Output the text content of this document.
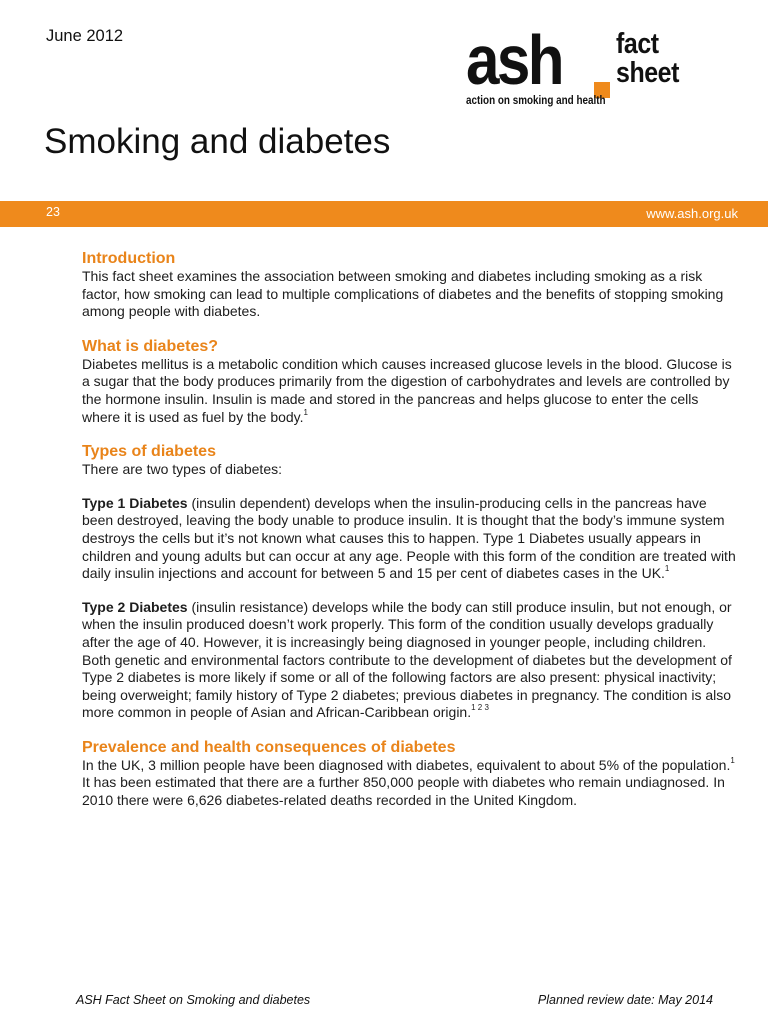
June 2012	ash fact
sheet
action on smoking and health
Smoking and diabetes
23	www.ash.org.uk
Introduction

This fact sheet examines the association between smoking and diabetes including smoking as a risk factor, how smoking can lead to multiple complications of diabetes and the benefits of stopping smoking among people with diabetes.

What is diabetes?

Diabetes mellitus is a metabolic condition which causes increased glucose levels in the blood. Glucose is a sugar that the body produces primarily from the digestion of carbohydrates and levels are controlled by the hormone insulin. Insulin is made and stored in the pancreas and helps glucose to enter the cells where it is used as fuel by the body.$^1$

Types of diabetes

There are two types of diabetes:

Type 1 Diabetes (insulin dependent) develops when the insulin-producing cells in the pancreas have been destroyed, leaving the body unable to produce insulin. It is thought that the body’s immune system destroys the cells but it’s not known what causes this to happen. Type 1 Diabetes usually appears in children and young adults but can occur at any age. People with this form of the condition are treated with daily insulin injections and account for between 5 and 15 per cent of diabetes cases in the UK.$^1$

Type 2 Diabetes (insulin resistance) develops while the body can still produce insulin, but not enough, or when the insulin produced doesn’t work properly. This form of the condition usually develops gradually after the age of 40. However, it is increasingly being diagnosed in younger people, including children. Both genetic and environmental factors contribute to the development of diabetes but the development of Type 2 diabetes is more likely if some or all of the following factors are also present: physical inactivity; being overweight; family history of Type 2 diabetes; previous diabetes in pregnancy. The condition is also more common in people of Asian and African-Caribbean origin.$^{1 2 3}$

Prevalence and health consequences of diabetes

In the UK, 3 million people have been diagnosed with diabetes, equivalent to about 5% of the population.$^1$ It has been estimated that there are a further 850,000 people with diabetes who remain undiagnosed. In 2010 there were 6,626 diabetes-related deaths recorded in the United Kingdom.

ASH Fact Sheet on Smoking and diabetes	Planned review date: May 2014
